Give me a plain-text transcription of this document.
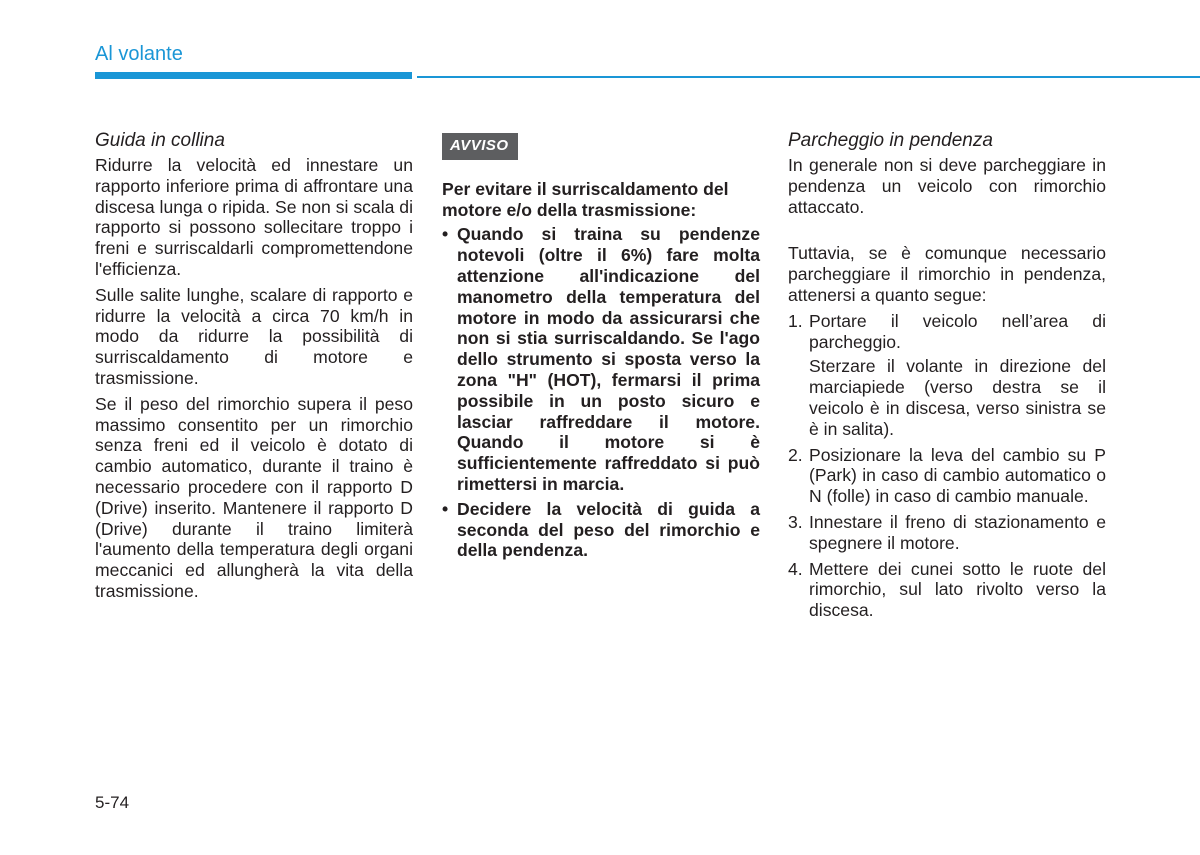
Al volante
Guida in collina

Ridurre la velocità ed innestare un rapporto inferiore prima di affrontare una discesa lunga o ripida. Se non si scala di rapporto si possono sollecitare troppo i freni e surriscaldarli compromettendone l'efficienza.

Sulle salite lunghe, scalare di rapporto e ridurre la velocità a circa 70 km/h in modo da ridurre la possibilità di surriscaldamento di motore e trasmissione.

Se il peso del rimorchio supera il peso massimo consentito per un rimorchio senza freni ed il veicolo è dotato di cambio automatico, durante il traino è necessario procedere con il rapporto D (Drive) inserito. Mantenere il rapporto D (Drive) durante il traino limiterà l'aumento della temperatura degli organi meccanici ed allungherà la vita della trasmissione.

AVVISO

Per evitare il surriscaldamento del motore e/o della trasmissione:

• Quando si traina su pendenze notevoli (oltre il 6%) fare molta attenzione all'indicazione del manometro della temperatura del motore in modo da assicurarsi che non si stia surriscaldando. Se l'ago dello strumento si sposta verso la zona "H" (HOT), fermarsi il prima possibile in un posto sicuro e lasciar raffreddare il motore. Quando il motore si è sufficientemente raffreddato si può rimettersi in marcia.
• Decidere la velocità di guida a seconda del peso del rimorchio e della pendenza.
Parcheggio in pendenza

In generale non si deve parcheggiare in pendenza un veicolo con rimorchio attaccato.

Tuttavia, se è comunque necessario parcheggiare il rimorchio in pendenza, attenersi a quanto segue:

1. Portare il veicolo nell’area di parcheggio.

Sterzare il volante in direzione del marciapiede (verso destra se il veicolo è in discesa, verso sinistra se è in salita).

2. Posizionare la leva del cambio su P (Park) in caso di cambio automatico o N (folle) in caso di cambio manuale.

3. Innestare il freno di stazionamento e spegnere il motore.

4. Mettere dei cunei sotto le ruote del rimorchio, sul lato rivolto verso la discesa.

5-74
